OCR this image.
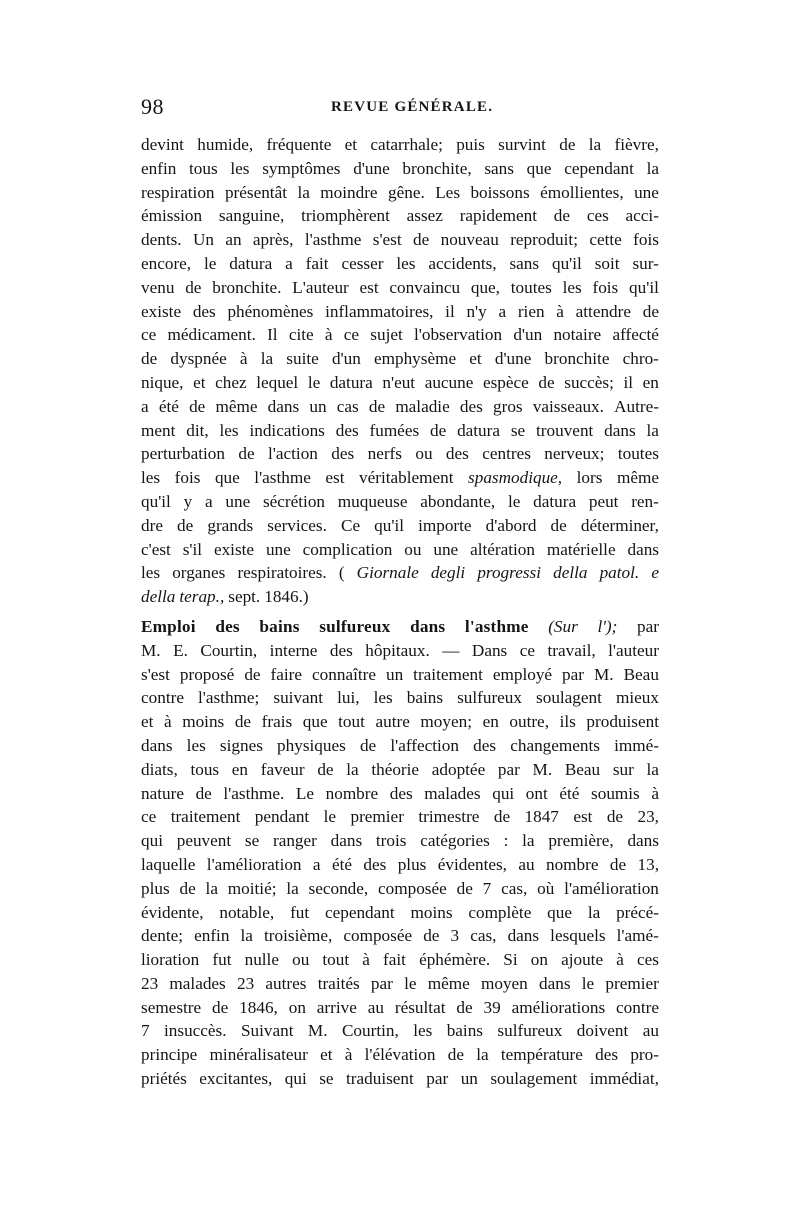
98	REVUE GÉNÉRALE.
devint humide, fréquente et catarrhale; puis survint de la fièvre,
enfin tous les symptômes d'une bronchite, sans que cependant la
respiration présentât la moindre gêne. Les boissons émollientes, une
émission sanguine, triomphèrent assez rapidement de ces acci-
dents. Un an après, l'asthme s'est de nouveau reproduit; cette fois
encore, le datura a fait cesser les accidents, sans qu'il soit sur-
venu de bronchite. L'auteur est convaincu que, toutes les fois qu'il
existe des phénomènes inflammatoires, il n'y a rien à attendre de
ce médicament. Il cite à ce sujet l'observation d'un notaire affecté
de dyspnée à la suite d'un emphysème et d'une bronchite chro-
nique, et chez lequel le datura n'eut aucune espèce de succès; il en
a été de même dans un cas de maladie des gros vaisseaux. Autre-
ment dit, les indications des fumées de datura se trouvent dans la
perturbation de l'action des nerfs ou des centres nerveux; toutes
les fois que l'asthme est véritablement spasmodique, lors même
qu'il y a une sécrétion muqueuse abondante, le datura peut ren-
dre de grands services. Ce qu'il importe d'abord de déterminer,
c'est s'il existe une complication ou une altération matérielle dans
les organes respiratoires. ( Giornale degli progressi della patol. e
della terap., sept. 1846.)
Emploi des bains sulfureux dans l'asthme (Sur l'); par
M. E. Courtin, interne des hôpitaux. — Dans ce travail, l'auteur
s'est proposé de faire connaître un traitement employé par M. Beau
contre l'asthme; suivant lui, les bains sulfureux soulagent mieux
et à moins de frais que tout autre moyen; en outre, ils produisent
dans les signes physiques de l'affection des changements immé-
diats, tous en faveur de la théorie adoptée par M. Beau sur la
nature de l'asthme. Le nombre des malades qui ont été soumis à
ce traitement pendant le premier trimestre de 1847 est de 23,
qui peuvent se ranger dans trois catégories : la première, dans
laquelle l'amélioration a été des plus évidentes, au nombre de 13,
plus de la moitié; la seconde, composée de 7 cas, où l'amélioration
évidente, notable, fut cependant moins complète que la précé-
dente; enfin la troisième, composée de 3 cas, dans lesquels l'amé-
lioration fut nulle ou tout à fait éphémère. Si on ajoute à ces
23 malades 23 autres traités par le même moyen dans le premier
semestre de 1846, on arrive au résultat de 39 améliorations contre
7 insuccès. Suivant M. Courtin, les bains sulfureux doivent au
principe minéralisateur et à l'élévation de la température des pro-
priétés excitantes, qui se traduisent par un soulagement immédiat,
